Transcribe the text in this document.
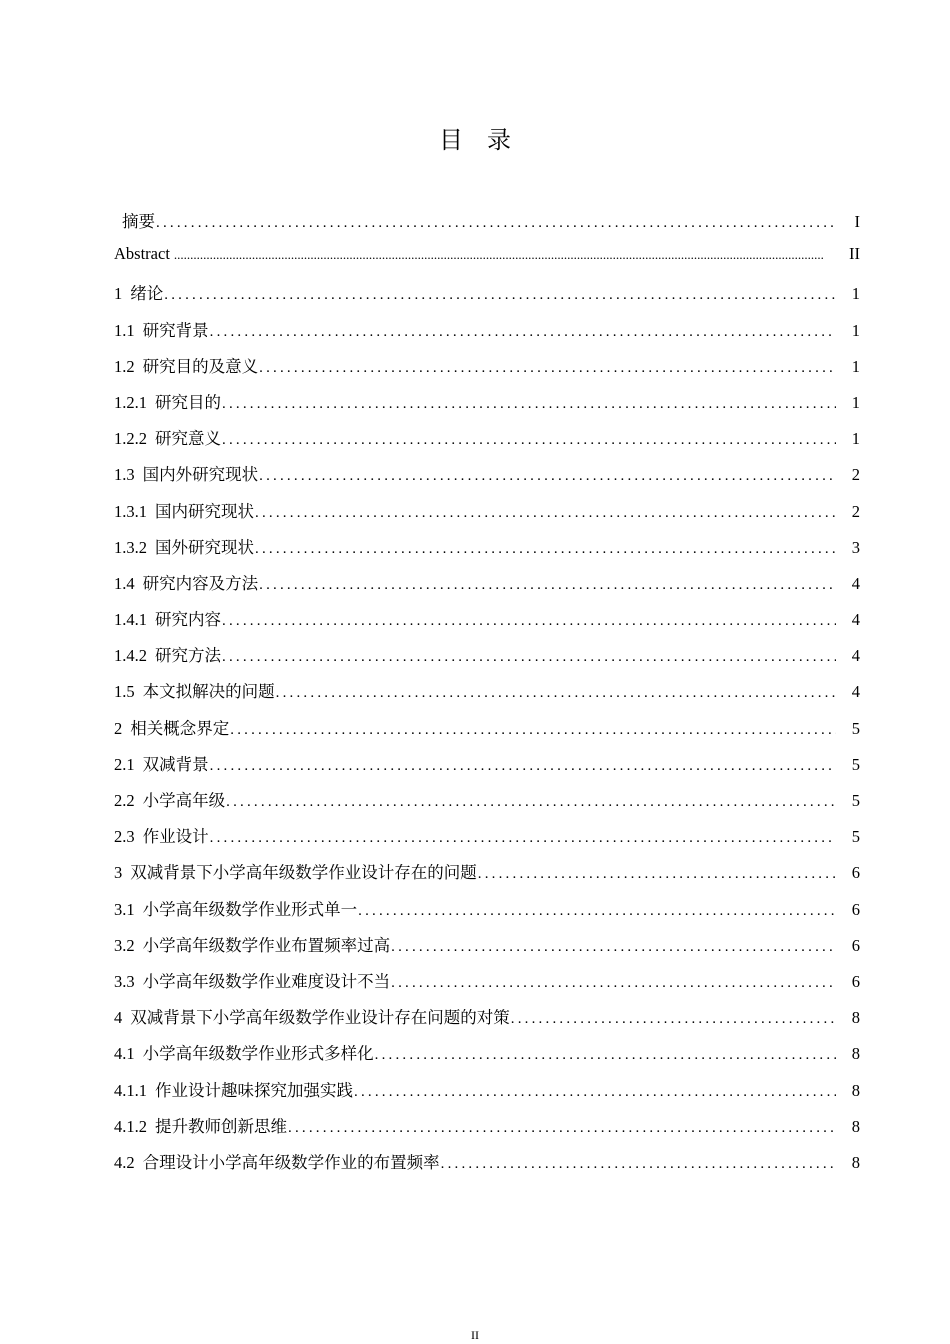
目录
摘要 .....	I
Abstract .....	II
1 绪论 .....	1
1.1 研究背景 .....	1
1.2 研究目的及意义 .....	1
1.2.1 研究目的 .....	1
1.2.2 研究意义 .....	1
1.3 国内外研究现状 .....	2
1.3.1 国内研究现状 .....	2
1.3.2 国外研究现状 .....	3
1.4 研究内容及方法 .....	4
1.4.1 研究内容 .....	4
1.4.2 研究方法 .....	4
1.5 本文拟解决的问题 .....	4
2 相关概念界定 .....	5
2.1 双减背景 .....	5
2.2 小学高年级 .....	5
2.3 作业设计 .....	5
3 双减背景下小学高年级数学作业设计存在的问题 .....	6
3.1 小学高年级数学作业形式单一 .....	6
3.2 小学高年级数学作业布置频率过高 .....	6
3.3 小学高年级数学作业难度设计不当 .....	6
4 双减背景下小学高年级数学作业设计存在问题的对策 .....	8
4.1 小学高年级数学作业形式多样化 .....	8
4.1.1 作业设计趣味探究加强实践 .....	8
4.1.2 提升教师创新思维 .....	8
4.2 合理设计小学高年级数学作业的布置频率 .....	8
II
